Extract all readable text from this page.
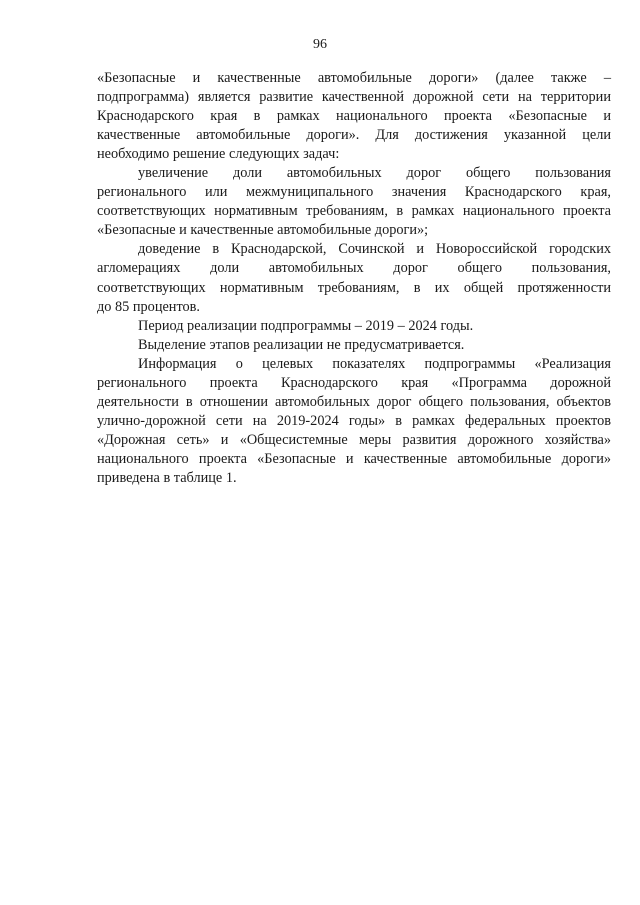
96
«Безопасные и качественные автомобильные дороги» (далее также –
подпрограмма) является развитие качественной дорожной сети на территории
Краснодарского края в рамках национального проекта «Безопасные и
качественные автомобильные дороги». Для достижения указанной цели
необходимо решение следующих задач:
увеличение доли автомобильных дорог общего пользования
регионального или межмуниципального значения Краснодарского края,
соответствующих нормативным требованиям, в рамках национального проекта
«Безопасные и качественные автомобильные дороги»;
доведение в Краснодарской, Сочинской и Новороссийской городских
агломерациях доли автомобильных дорог общего пользования,
соответствующих нормативным требованиям, в их общей протяженности
до 85 процентов.
Период реализации подпрограммы – 2019 – 2024 годы.
Выделение этапов реализации не предусматривается.
Информация о целевых показателях подпрограммы «Реализация
регионального проекта Краснодарского края «Программа дорожной
деятельности в отношении автомобильных дорог общего пользования, объектов
улично-дорожной сети на 2019-2024 годы» в рамках федеральных проектов
«Дорожная сеть» и «Общесистемные меры развития дорожного хозяйства»
национального проекта «Безопасные и качественные автомобильные дороги»
приведена в таблице 1.
